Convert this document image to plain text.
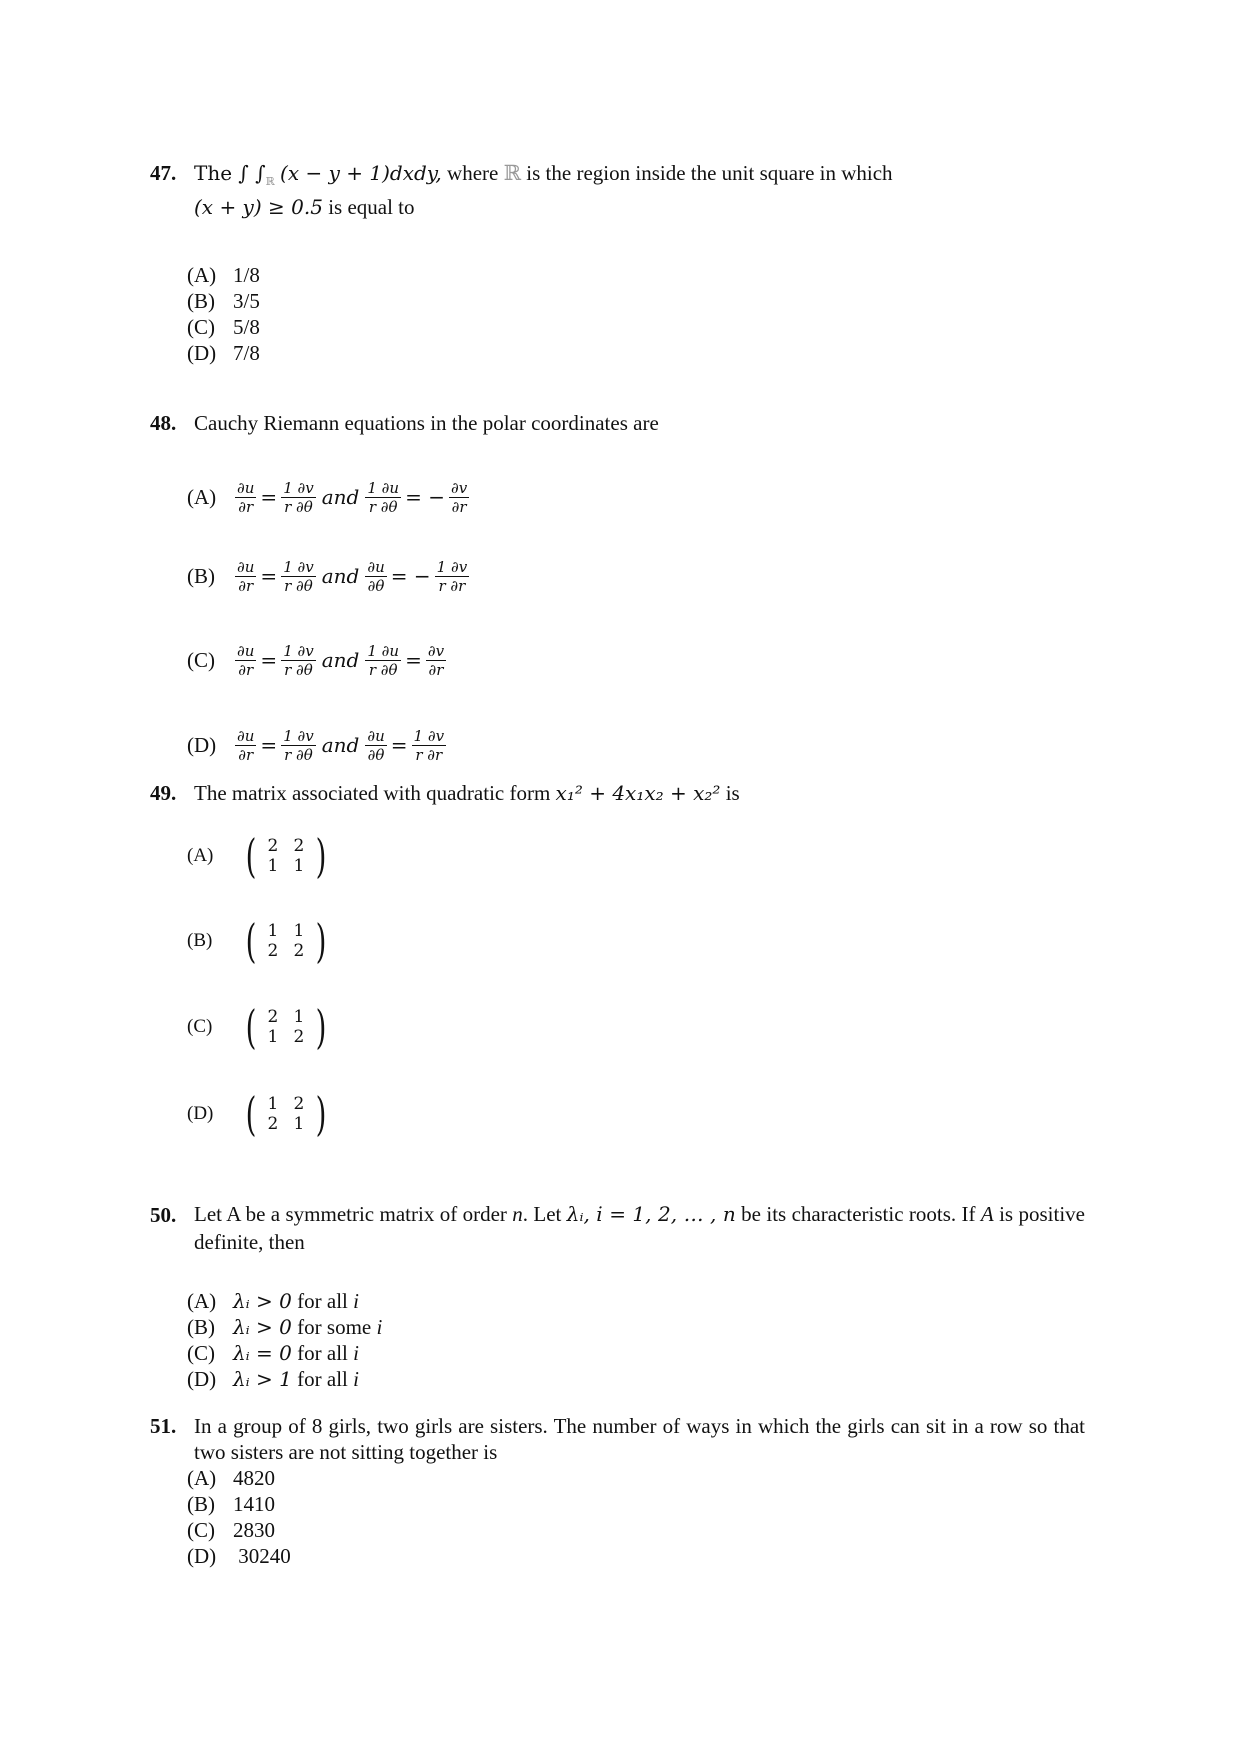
47. The ∫ $\int_ℝ$ (x − y + 1)dxdy, where ℝ is the region inside the unit square in which
(x + y) ≥ 0.5 is equal to
(A) 1/8
(B) 3/5
(C) 5/8
(D) 7/8
48. Cauchy Riemann equations in the polar coordinates are
(A)	$\frac{\partial u}{\partial r} = \frac{1 \partial v}{r \partial\theta}$ and $\frac{1 \partial u}{r \partial\theta}$ = − $\frac{\partial v}{\partial r}$
(B)	$\frac{\partial u}{\partial r} = \frac{1 \partial v}{r \partial\theta}$ and $\frac{\partial u}{\partial\theta}$ = − $\frac{1 \partial v}{r \partial r}$
(C)	$\frac{\partial u}{\partial r} = \frac{1 \partial v}{r \partial\theta}$ and $\frac{1 \partial u}{r \partial\theta} = \frac{\partial v}{\partial r}$
(D)	$\frac{\partial u}{\partial r} = \frac{1 \partial v}{r \partial\theta}$ and $\frac{\partial u}{\partial\theta} = \frac{1 \partial v}{r \partial r}$
49. The matrix associated with quadratic form x₁² + 4x₁x₂ + x₂² is
(A) ( 2 2
1 1 )
(B) ( 1 1
2 2 )
(C) ( 2 1
1 2 )
(D) ( 1 2
2 1 )
50. Let A be a symmetric matrix of order n. Let λᵢ, i = 1, 2, … , n be its characteristic roots. If A is positive definite, then
(A) λᵢ > 0 for all i
(B) λᵢ > 0 for some i
(C) λᵢ = 0 for all i
(D) λᵢ > 1 for all i
51. In a group of 8 girls, two girls are sisters. The number of ways in which the girls can sit in a row so that two sisters are not sitting together is
(A) 4820
(B) 1410
(C) 2830
(D) 30240
